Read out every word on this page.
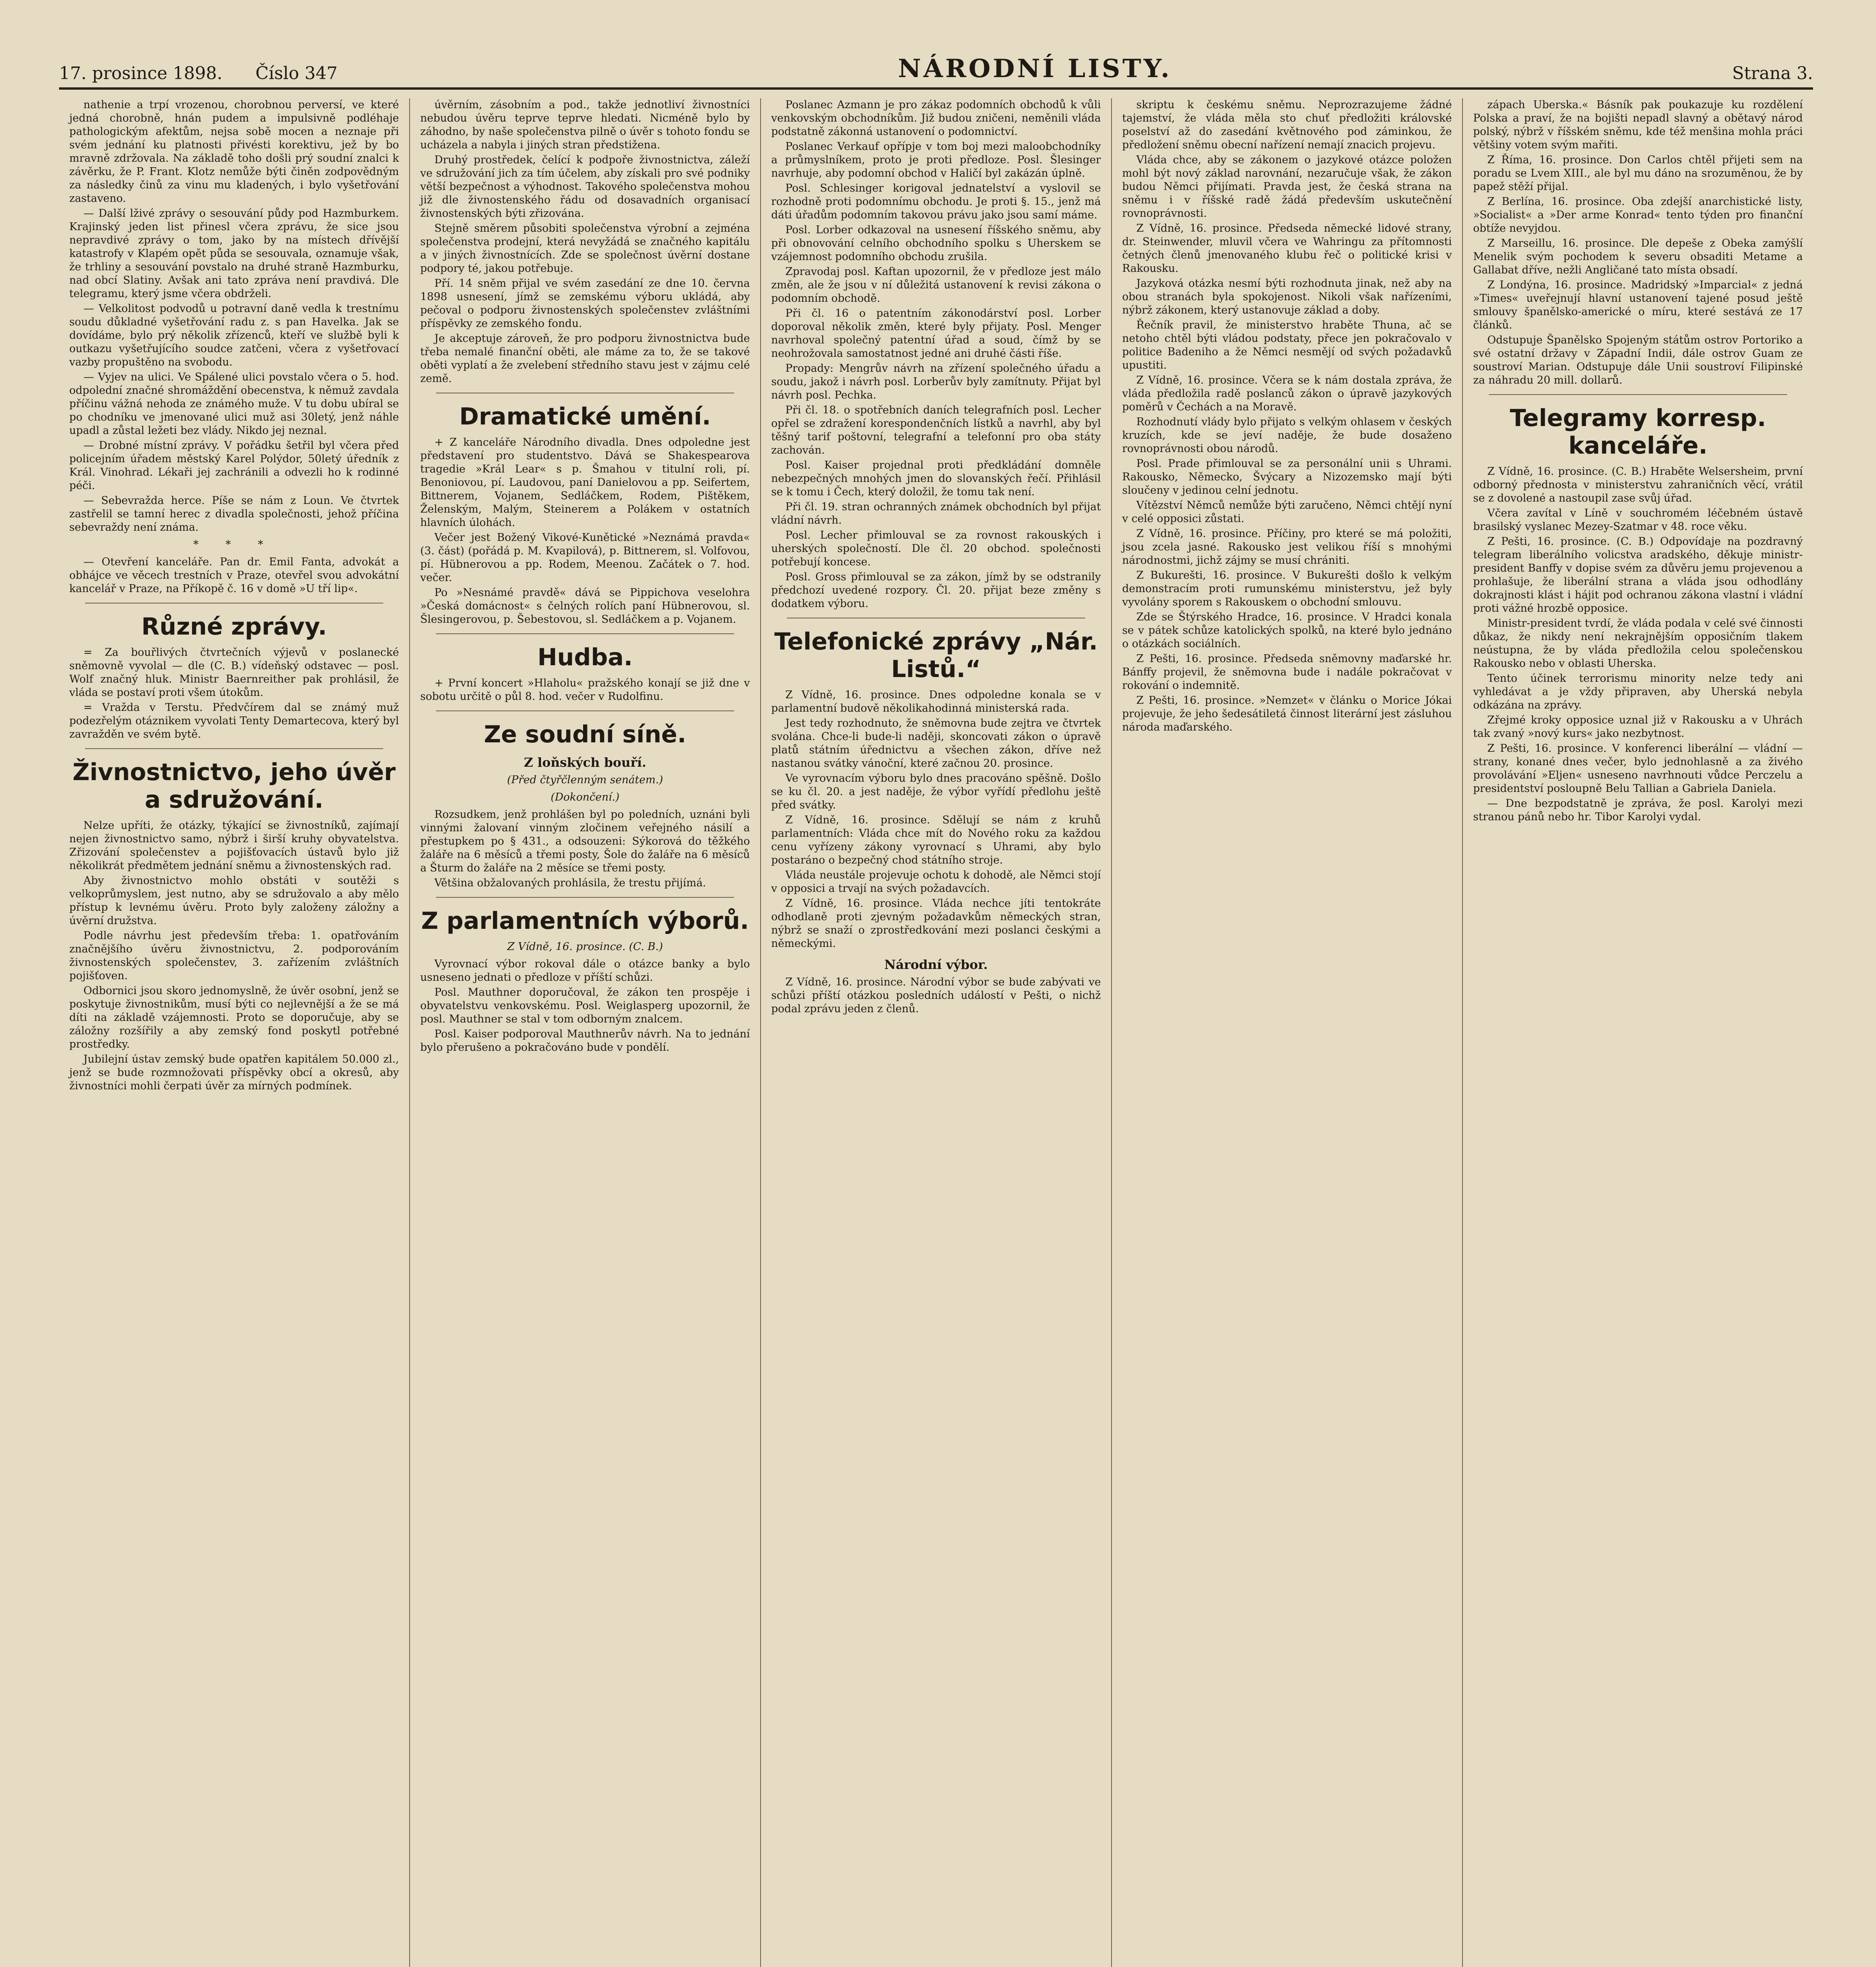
17. prosince 1898. Číslo 347	NÁRODNÍ LISTY.	Strana 3.

nathenie a trpí vrozenou, chorobnou perversí, ve které jedná chorobně, hnán pudem a impulsivně podléhaje pathologickým afektům, nejsa sobě mocen a neznaje při svém jednání ku platnosti přivésti korektivu, jež by bo mravně zdržovala. Na základě toho došli prý soudní znalci k závěrku, že P. Frant. Klotz nemůže býti činěn zodpovědným za následky činů za vinu mu kladených, i bylo vyšetřování zastaveno.

— Další lživé zprávy o sesouvání půdy pod Hazmburkem. Krajinský jeden list přinesl včera zprávu, že sice jsou nepravdivé zprávy o tom, jako by na místech dřívější katastrofy v Klapém opět půda se sesouvala, oznamuje však, že trhliny a sesouvání povstalo na druhé straně Hazmburku, nad obcí Slatiny. Avšak ani tato zpráva není pravdivá. Dle telegramu, který jsme včera obdrželi.

— Velkolitost podvodů u potravní daně vedla k trestnímu soudu důkladné vyšetřování radu z. s pan Havelka. Jak se dovídáme, bylo prý několik zřízenců, kteří ve službě byli k outkazu vyšetřujícího soudce zatčeni, včera z vyšetřovací vazby propuštěno na svobodu.

— Vyjev na ulici. Ve Spálené ulici povstalo včera o 5. hod. odpolední značné shromáždění obecenstva, k němuž zavdala příčinu vážná nehoda ze známého muže. V tu dobu ubíral se po chodníku ve jmenované ulici muž asi 30letý, jenž náhle upadl a zůstal ležeti bez vlády. Nikdo jej neznal.

— Drobné místní zprávy. V pořádku šetřil byl včera před policejním úřadem městský Karel Polýdor, 50letý úředník z Král. Vinohrad. Lékaři jej zachránili a odvezli ho k rodinné péči.

— Sebevražda herce. Píše se nám z Loun. Ve čtvrtek zastřelil se tamní herec z divadla společnosti, jehož příčina sebevraždy není známa.

* * *

— Otevření kanceláře. Pan dr. Emil Fanta, advokát a obhájce ve věcech trestních v Praze, otevřel svou advokátní kancelář v Praze, na Příkopě č. 16 v domě »U tří lip«.

Různé zprávy.

= Za bouřlivých čtvrtečních výjevů v poslanecké sněmovně vyvolal — dle (C. B.) vídeňský odstavec — posl. Wolf značný hluk. Ministr Baernreither pak prohlásil, že vláda se postaví proti všem útokům.

= Vražda v Terstu. Předvčírem dal se známý muž podezřelým otáznikem vyvolati Tenty Demartecova, který byl zavražděn ve svém bytě.

Živnostnictvo, jeho úvěr a sdružování.

Nelze upříti, že otázky, týkající se živnostníků, zajímají nejen živnostnictvo samo, nýbrž i širší kruhy obyvatelstva. Zřizování společenstev a pojišťovacích ústavů bylo již několikrát předmětem jednání sněmu a živnostenských rad.

Aby živnostnictvo mohlo obstáti v soutěži s velkoprůmyslem, jest nutno, aby se sdružovalo a aby mělo přístup k levnému úvěru. Proto byly založeny záložny a úvěrní družstva.

Podle návrhu jest především třeba: 1. opatřováním značnějšího úvěru živnostnictvu, 2. podporováním živnostenských společenstev, 3. zařízením zvláštních pojišťoven.

Odbornici jsou skoro jednomyslně, že úvěr osobní, jenž se poskytuje živnostnikům, musí býti co nejlevnější a že se má díti na základě vzájemnosti. Proto se doporučuje, aby se záložny rozšířily a aby zemský fond poskytl potřebné prostředky.

Jubilejní ústav zemský bude opatřen kapitálem 50.000 zl., jenž se bude rozmnožovati příspěvky obcí a okresů, aby živnostníci mohli čerpati úvěr za mírných podmínek.

úvěrním, zásobním a pod., takže jednotliví živnostníci nebudou úvěru teprve teprve hledati. Nicméně bylo by záhodno, by naše společenstva pilně o úvěr s tohoto fondu se ucházela a nabyla i jiných stran předstižena.

Druhý prostředek, čelící k podpoře živnostnictva, záleží ve sdružování jich za tím účelem, aby získali pro své podniky větší bezpečnost a výhodnost. Takového společenstva mohou již dle živnostenského řádu od dosavadních organisací živnostenských býti zřizována.

Stejně směrem působiti společenstva výrobní a zejména společenstva prodejní, která nevyžádá se značného kapitálu a v jiných živnostnících. Zde se společnost úvěrní dostane podpory té, jakou potřebuje.

Pří. 14 sněm přijal ve svém zasedání ze dne 10. června 1898 usnesení, jímž se zemskému výboru ukládá, aby pečoval o podporu živnostenských společenstev zvláštními příspěvky ze zemského fondu.

Je akceptuje zároveň, že pro podporu živnostnictva bude třeba nemalé finanční oběti, ale máme za to, že se takové oběti vyplatí a že zvelebení středního stavu jest v zájmu celé země.

Dramatické umění.

+ Z kanceláře Národního divadla. Dnes odpoledne jest představení pro studentstvo. Dává se Shakespearova tragedie »Král Lear« s p. Šmahou v titulní roli, pí. Benoniovou, pí. Laudovou, paní Danielovou a pp. Seifertem, Bittnerem, Vojanem, Sedláčkem, Rodem, Pištěkem, Želenským, Malým, Steinerem a Polákem v ostatních hlavních úlohách.

Večer jest Božený Vikové-Kunětické »Neznámá pravda« (3. část) (pořádá p. M. Kvapilová), p. Bittnerem, sl. Volfovou, pí. Hübnerovou a pp. Rodem, Meenou. Začátek o 7. hod. večer.

Po »Nesnámé pravdě« dává se Pippichova veselohra »Česká domácnost« s čelných rolích paní Hübnerovou, sl. Šlesingerovou, p. Šebestovou, sl. Sedláčkem a p. Vojanem.

Hudba.

+ První koncert »Hlaholu« pražského konají se již dne v sobotu určitě o půl 8. hod. večer v Rudolfinu.

Ze soudní síně.
Z loňských bouří.

(Před čtyřčlenným senátem.)

(Dokončení.)

Rozsudkem, jenž prohlášen byl po poledních, uznáni byli vinnými žalovaní vinným zločinem veřejného násilí a přestupkem po § 431., a odsouzeni: Sýkorová do těžkého žaláře na 6 měsíců a třemi posty, Šole do žaláře na 6 měsíců a Šturm do žaláře na 2 měsíce se třemi posty.

Většina obžalovaných prohlásila, že trestu přijímá.

Z parlamentních výborů.

Z Vídně, 16. prosince. (C. B.)

Vyrovnací výbor rokoval dále o otázce banky a bylo usneseno jednati o předloze v příští schůzi.

Posl. Mauthner doporučoval, že zákon ten prospěje i obyvatelstvu venkovskému. Posl. Weiglasperg upozornil, že posl. Mauthner se stal v tom odborným znalcem.

Posl. Kaiser podporoval Mauthnerův návrh. Na to jednání bylo přerušeno a pokračováno bude v pondělí.

Poslanec Azmann je pro zákaz podomních obchodů k vůli venkovským obchodníkům. Již budou zničeni, neměnili vláda podstatně zákonná ustanovení o podomnictví.

Poslanec Verkauf opřípje v tom boj mezi maloobchodníky a průmyslníkem, proto je proti předloze. Posl. Šlesinger navrhuje, aby podomní obchod v Haličí byl zakázán úplně.

Posl. Schlesinger korigoval jednatelství a vyslovil se rozhodně proti podomnímu obchodu. Je proti §. 15., jenž má dáti úřadům podomním takovou právu jako jsou samí máme.

Posl. Lorber odkazoval na usnesení říšského sněmu, aby při obnovování celního obchodního spolku s Uherskem se vzájemnost podomního obchodu zrušila.

Zpravodaj posl. Kaftan upozornil, že v předloze jest málo změn, ale že jsou v ní důležitá ustanovení k revisi zákona o podomním obchodě.

Při čl. 16 o patentním zákonodárství posl. Lorber doporoval několik změn, které byly přijaty. Posl. Menger navrhoval společný patentní úřad a soud, čímž by se neohrožovala samostatnost jedné ani druhé části říše.

Propady: Mengrův návrh na zřízení společného úřadu a soudu, jakož i návrh posl. Lorberův byly zamítnuty. Přijat byl návrh posl. Pechka.

Při čl. 18. o spotřebních daních telegrafních posl. Lecher opřel se zdražení korespondenčních lístků a navrhl, aby byl těšný tarif poštovní, telegrafní a telefonní pro oba státy zachován.

Posl. Kaiser projednal proti předkládání domněle nebezpečných mnohých jmen do slovanských řečí. Přihlásil se k tomu i Čech, který doložil, že tomu tak není.

Při čl. 19. stran ochranných známek obchodních byl přijat vládní návrh.

Posl. Lecher přimlouval se za rovnost rakouských i uherských společností. Dle čl. 20 obchod. společnosti potřebují koncese.

Posl. Gross přimlouval se za zákon, jímž by se odstranily předchozí uvedené rozpory. Čl. 20. přijat beze změny s dodatkem výboru.

Telefonické zprávy „Nár. Listů.“

Z Vídně, 16. prosince. Dnes odpoledne konala se v parlamentní budově několikahodinná ministerská rada.

Jest tedy rozhodnuto, že sněmovna bude zejtra ve čtvrtek svolána. Chce-li bude-li naději, skoncovati zákon o úpravě platů státním úřednictvu a všechen zákon, dříve než nastanou svátky vánoční, které začnou 20. prosince.

Ve vyrovnacím výboru bylo dnes pracováno spěšně. Došlo se ku čl. 20. a jest naděje, že výbor vyřídí předlohu ještě před svátky.

Z Vídně, 16. prosince. Sdělují se nám z kruhů parlamentních: Vláda chce mít do Nového roku za každou cenu vyřízeny zákony vyrovnací s Uhrami, aby bylo postaráno o bezpečný chod státního stroje.

Vláda neustále projevuje ochotu k dohodě, ale Němci stojí v opposici a trvají na svých požadavcích.

Z Vídně, 16. prosince. Vláda nechce jíti tentokráte odhodlaně proti zjevným požadavkům německých stran, nýbrž se snaží o zprostředkování mezi poslanci českými a německými.

Národní výbor.

Z Vídně, 16. prosince. Národní výbor se bude zabývati ve schůzi příští otázkou posledních událostí v Pešti, o nichž podal zprávu jeden z členů.

skriptu k českému sněmu. Neprozrazujeme žádné tajemství, že vláda měla sto chuť předložiti královské poselství až do zasedání květnového pod záminkou, že předložení sněmu obecní nařízení nemají znacich projevu.

Vláda chce, aby se zákonem o jazykové otázce položen mohl být nový základ narovnání, nezaručuje však, že zákon budou Němci přijímati. Pravda jest, že česká strana na sněmu i v říšské radě žádá především uskutečnění rovnoprávnosti.

Z Vídně, 16. prosince. Předseda německé lidové strany, dr. Steinwender, mluvil včera ve Wahringu za přítomnosti četných členů jmenovaného klubu řeč o politické krisi v Rakousku.

Jazyková otázka nesmí býti rozhodnuta jinak, než aby na obou stranách byla spokojenost. Nikoli však nařízeními, nýbrž zákonem, který ustanovuje základ a doby.

Řečník pravil, že ministerstvo hraběte Thuna, ač se netoho chtěl býti vládou podstaty, přece jen pokračovalo v politice Badeniho a že Němci nesmějí od svých požadavků upustiti.

Z Vídně, 16. prosince. Včera se k nám dostala zpráva, že vláda předložila radě poslanců zákon o úpravě jazykových poměrů v Čechách a na Moravě.

Rozhodnutí vlády bylo přijato s velkým ohlasem v českých kruzích, kde se jeví naděje, že bude dosaženo rovnoprávnosti obou národů.

Posl. Prade přimlouval se za personální unii s Uhrami. Rakousko, Německo, Švýcary a Nizozemsko mají býti sloučeny v jedinou celní jednotu.

Vítězství Němců nemůže býti zaručeno, Němci chtějí nyní v celé opposici zůstati.

Z Vídně, 16. prosince. Příčiny, pro které se má položiti, jsou zcela jasné. Rakousko jest velikou říší s mnohými národnostmi, jichž zájmy se musí chrániti.

Z Bukurešti, 16. prosince. V Bukurešti došlo k velkým demonstracím proti rumunskému ministerstvu, jež byly vyvolány sporem s Rakouskem o obchodní smlouvu.

Zde se Štýrského Hradce, 16. prosince. V Hradci konala se v pátek schůze katolických spolků, na které bylo jednáno o otázkách sociálních.

Z Pešti, 16. prosince. Předseda sněmovny maďarské hr. Bánffy projevil, že sněmovna bude i nadále pokračovat v rokování o indemnitě.

Z Pešti, 16. prosince. »Nemzet« v článku o Morice Jókai projevuje, že jeho šedesátiletá činnost literární jest zásluhou národa maďarského.

zápach Uberska.« Básník pak poukazuje ku rozdělení Polska a praví, že na bojišti nepadl slavný a obětavý národ polský, nýbrž v říšském sněmu, kde též menšina mohla práci většiny votem svým mařiti.

Z Říma, 16. prosince. Don Carlos chtěl přijeti sem na poradu se Lvem XIII., ale byl mu dáno na srozuměnou, že by papež stěží přijal.

Z Berlína, 16. prosince. Oba zdejší anarchistické listy, »Socialist« a »Der arme Konrad« tento týden pro finanční obtíže nevyjdou.

Z Marseillu, 16. prosince. Dle depeše z Obeka zamýšlí Menelik svým pochodem k severu obsaditi Metame a Gallabat dříve, nežli Angličané tato místa obsadí.

Z Londýna, 16. prosince. Madridský »Imparcial« z jedná »Times« uveřejnují hlavní ustanovení tajené posud ještě smlouvy španělsko-americké o míru, které sestává ze 17 článků.

Odstupuje Španělsko Spojeným státům ostrov Portoriko a své ostatní državy v Západní Indii, dále ostrov Guam ze soustroví Marian. Odstupuje dále Unii soustroví Filipinské za náhradu 20 mill. dollarů.

Telegramy korresp. kanceláře.

Z Vídně, 16. prosince. (C. B.) Hraběte Welsersheim, první odborný přednosta v ministerstvu zahraničních věcí, vrátil se z dovolené a nastoupil zase svůj úřad.

Včera zavítal v Líně v souchromém léčebném ústavě brasilský vyslanec Mezey-Szatmar v 48. roce věku.

Z Pešti, 16. prosince. (C. B.) Odpovídaje na pozdravný telegram liberálního volicstva aradského, děkuje ministr-president Banffy v dopise svém za důvěru jemu projevenou a prohlašuje, že liberální strana a vláda jsou odhodlány dokrajnosti klást i hájit pod ochranou zákona vlastní i vládní proti vážné hrozbě opposice.

Ministr-president tvrdí, že vláda podala v celé své činnosti důkaz, že nikdy není nekrajnějším opposičním tlakem neústupna, že by vláda předložila celou společenskou Rakousko nebo v oblasti Uherska.

Tento účinek terrorismu minority nelze tedy ani vyhledávat a je vždy připraven, aby Uherská nebyla odkázána na zprávy.

Zřejmé kroky opposice uznal již v Rakousku a v Uhrách tak zvaný »nový kurs« jako nezbytnost.

Z Pešti, 16. prosince. V konferenci liberální — vládní — strany, konané dnes večer, bylo jednohlasně a za živého provolávání »Eljen« usneseno navrhnouti vůdce Perczelu a presidentství posloupně Belu Tallian a Gabriela Daniela.

— Dne bezpodstatně je zpráva, že posl. Karolyi mezi stranou pánů nebo hr. Tibor Karolyi vydal.
